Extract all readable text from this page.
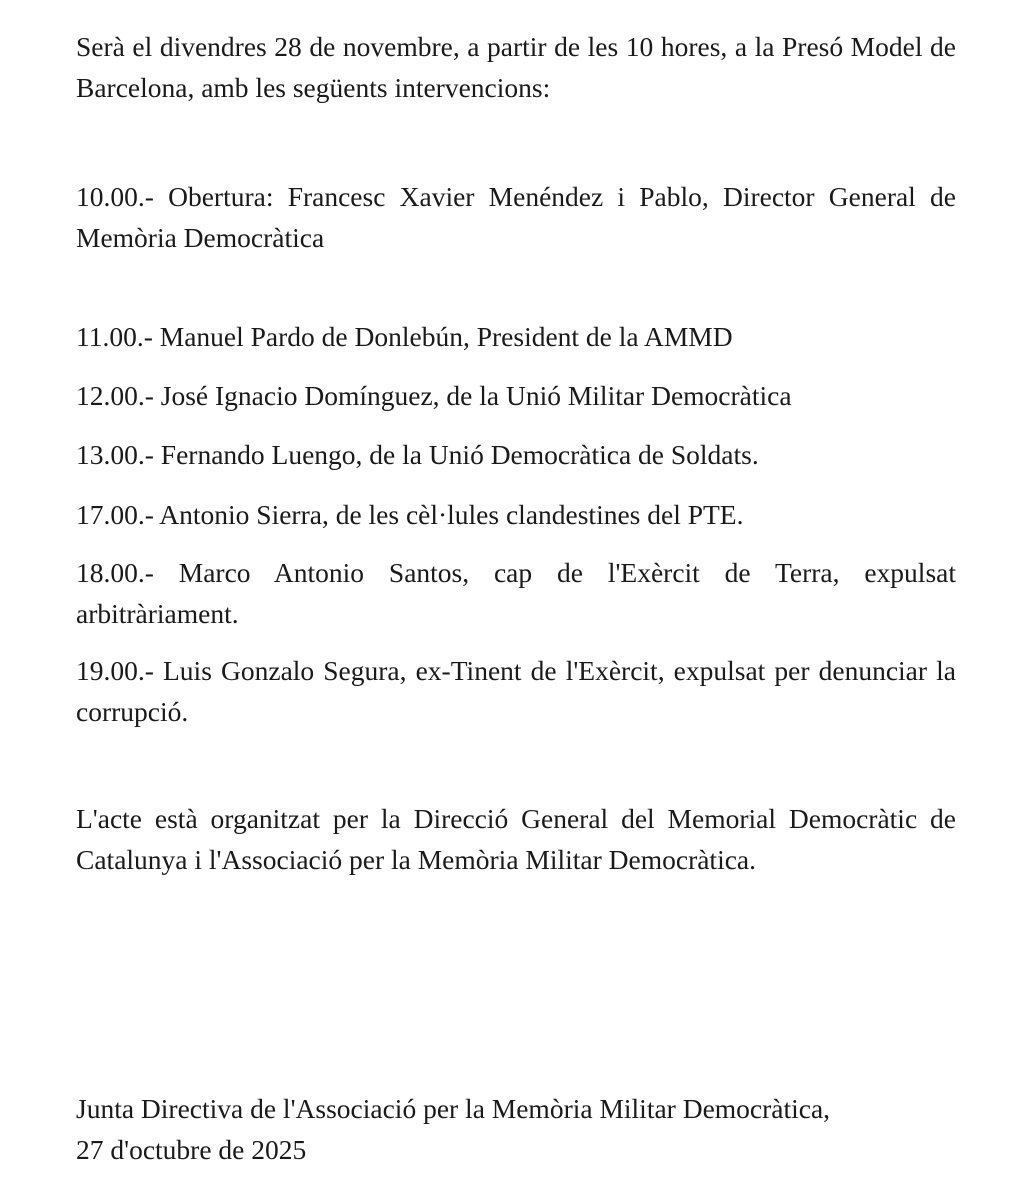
Serà el divendres 28 de novembre, a partir de les 10 hores, a la Presó Model de Barcelona, amb les següents intervencions:

10.00.- Obertura: Francesc Xavier Menéndez i Pablo, Director General de Memòria Democràtica

11.00.- Manuel Pardo de Donlebún, President de la AMMD

12.00.- José Ignacio Domínguez, de la Unió Militar Democràtica

13.00.- Fernando Luengo, de la Unió Democràtica de Soldats.

17.00.- Antonio Sierra, de les cèl·lules clandestines del PTE.

18.00.- Marco Antonio Santos, cap de l'Exèrcit de Terra, expulsat arbitràriament.

19.00.- Luis Gonzalo Segura, ex-Tinent de l'Exèrcit, expulsat per denunciar la corrupció.

L'acte està organitzat per la Direcció General del Memorial Democràtic de Catalunya i l'Associació per la Memòria Militar Democràtica.

Junta Directiva de l'Associació per la Memòria Militar Democràtica,
27 d'octubre de 2025
